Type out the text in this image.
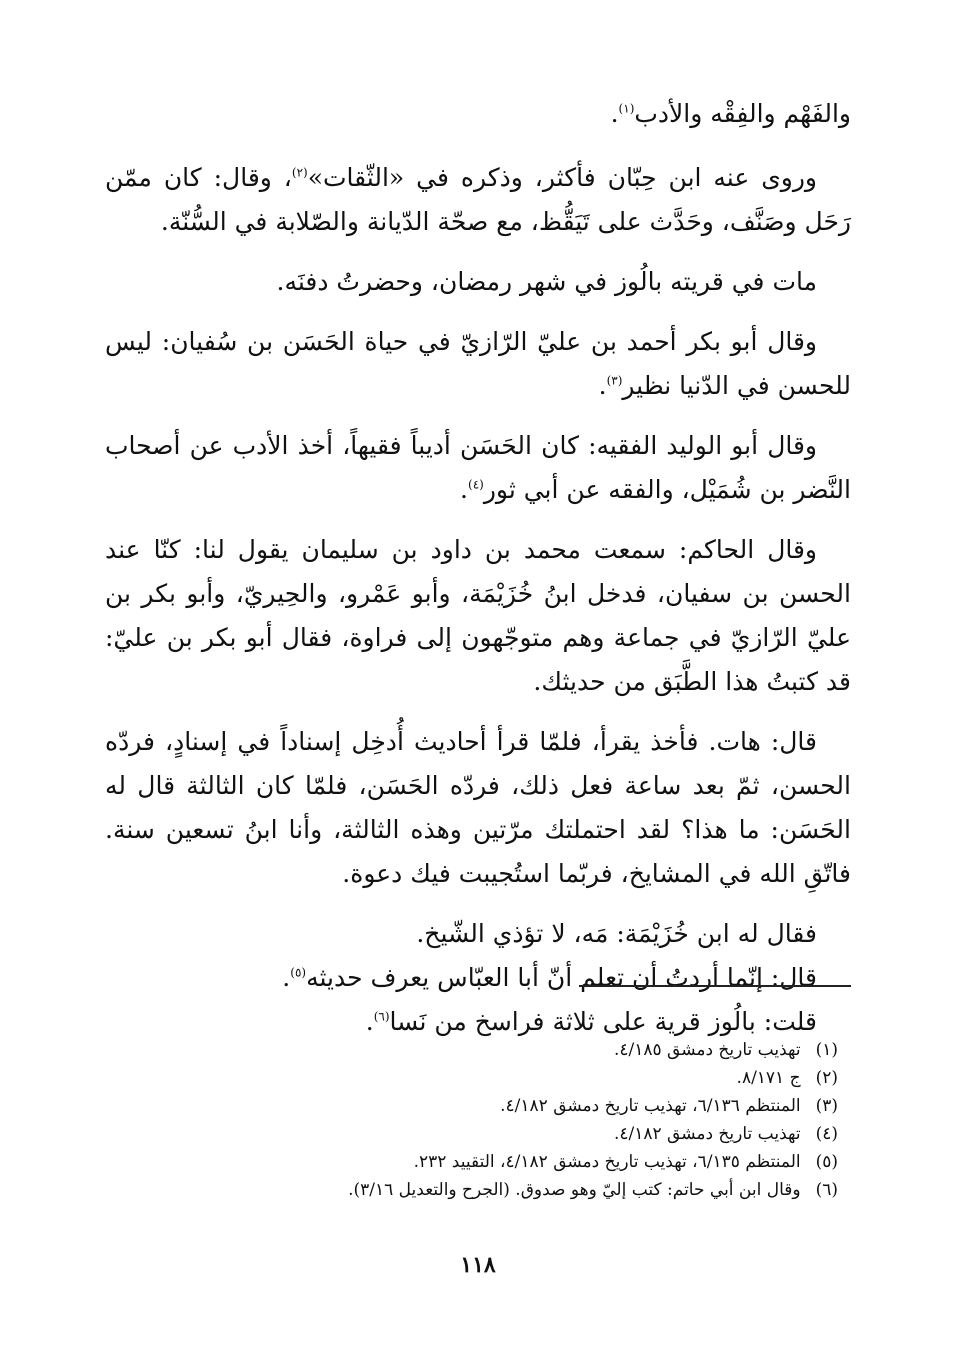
والفَهْم والفِقْه والأدب$^{(١)}$.

وروى عنه ابن حِبّان فأكثر، وذكره في «الثّقات»$^{(٢)}$، وقال: كان ممّن رَحَل وصَنَّف، وحَدَّث على تَيَقُّظ، مع صحّة الدّيانة والصّلابة في السُّنّة.

مات في قريته بالُوز في شهر رمضان، وحضرتُ دفنَه.

وقال أبو بكر أحمد بن عليّ الرّازيّ في حياة الحَسَن بن سُفيان: ليس للحسن في الدّنيا نظير$^{(٣)}$.

وقال أبو الوليد الفقيه: كان الحَسَن أديباً فقيهاً، أخذ الأدب عن أصحاب النَّضر بن شُمَيْل، والفقه عن أبي ثور$^{(٤)}$.

وقال الحاكم: سمعت محمد بن داود بن سليمان يقول لنا: كنّا عند الحسن بن سفيان، فدخل ابنُ خُزَيْمَة، وأبو عَمْرو، والحِيريّ، وأبو بكر بن عليّ الرّازيّ في جماعة وهم متوجّهون إلى فراوة، فقال أبو بكر بن عليّ: قد كتبتُ هذا الطَّبَق من حديثك.

قال: هات. فأخذ يقرأ، فلمّا قرأ أحاديث أُدخِل إسناداً في إسنادٍ، فردّه الحسن، ثمّ بعد ساعة فعل ذلك، فردّه الحَسَن، فلمّا كان الثالثة قال له الحَسَن: ما هذا؟ لقد احتملتك مرّتين وهذه الثالثة، وأنا ابنُ تسعين سنة. فاتّقِ الله في المشايخ، فربّما استُجيبت فيك دعوة.

فقال له ابن خُزَيْمَة: مَه، لا تؤذي الشّيخ.

قال: إنّما أردتُ أن تعلم أنّ أبا العبّاس يعرف حديثه$^{(٥)}$.

قلت: بالُوز قرية على ثلاثة فراسخ من نَسا$^{(٦)}$.

(١) تهذيب تاريخ دمشق ٤/١٨٥.

(٢) ج ٨/١٧١.

(٣) المنتظم ٦/١٣٦، تهذيب تاريخ دمشق ٤/١٨٢.

(٤) تهذيب تاريخ دمشق ٤/١٨٢.

(٥) المنتظم ٦/١٣٥، تهذيب تاريخ دمشق ٤/١٨٢، التقييد ٢٣٢.

(٦) وقال ابن أبي حاتم: كتب إليّ وهو صدوق. (الجرح والتعديل ٣/١٦).

١١٨
